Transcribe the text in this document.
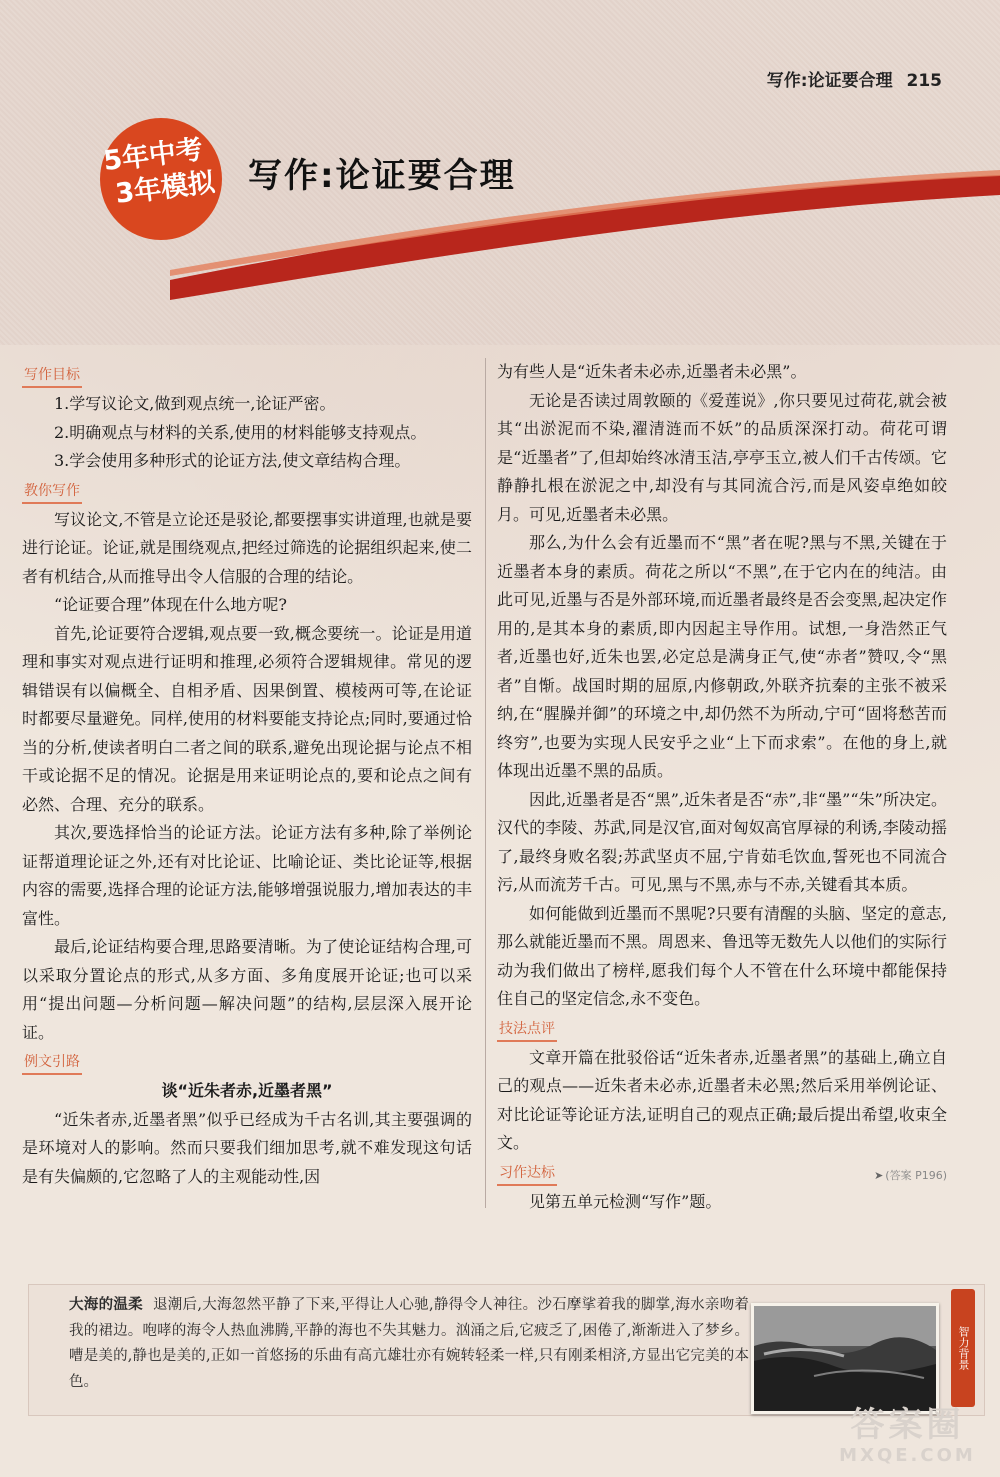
写作:论证要合理 215
5年中考
3年模拟 写作:论证要合理
写作目标
1.学写议论文,做到观点统一,论证严密。
2.明确观点与材料的关系,使用的材料能够支持观点。
3.学会使用多种形式的论证方法,使文章结构合理。
教你写作

写议论文,不管是立论还是驳论,都要摆事实讲道理,也就是要进行论证。论证,就是围绕观点,把经过筛选的论据组织起来,使二者有机结合,从而推导出令人信服的合理的结论。

“论证要合理”体现在什么地方呢?

首先,论证要符合逻辑,观点要一致,概念要统一。论证是用道理和事实对观点进行证明和推理,必须符合逻辑规律。常见的逻辑错误有以偏概全、自相矛盾、因果倒置、模棱两可等,在论证时都要尽量避免。同样,使用的材料要能支持论点;同时,要通过恰当的分析,使读者明白二者之间的联系,避免出现论据与论点不相干或论据不足的情况。论据是用来证明论点的,要和论点之间有必然、合理、充分的联系。

其次,要选择恰当的论证方法。论证方法有多种,除了举例论证帮道理论证之外,还有对比论证、比喻论证、类比论证等,根据内容的需要,选择合理的论证方法,能够增强说服力,增加表达的丰富性。

最后,论证结构要合理,思路要清晰。为了使论证结构合理,可以采取分置论点的形式,从多方面、多角度展开论证;也可以采用“提出问题—分析问题—解决问题”的结构,层层深入展开论证。

例文引路

谈“近朱者赤,近墨者黑”

“近朱者赤,近墨者黑”似乎已经成为千古名训,其主要强调的是环境对人的影响。然而只要我们细加思考,就不难发现这句话是有失偏颇的,它忽略了人的主观能动性,因

为有些人是“近朱者未必赤,近墨者未必黑”。

无论是否读过周敦颐的《爱莲说》,你只要见过荷花,就会被其“出淤泥而不染,濯清涟而不妖”的品质深深打动。荷花可谓是“近墨者”了,但却始终冰清玉洁,亭亭玉立,被人们千古传颂。它静静扎根在淤泥之中,却没有与其同流合污,而是风姿卓绝如皎月。可见,近墨者未必黑。

那么,为什么会有近墨而不“黑”者在呢?黑与不黑,关键在于近墨者本身的素质。荷花之所以“不黑”,在于它内在的纯洁。由此可见,近墨与否是外部环境,而近墨者最终是否会变黑,起决定作用的,是其本身的素质,即内因起主导作用。试想,一身浩然正气者,近墨也好,近朱也罢,必定总是满身正气,使“赤者”赞叹,令“黑者”自惭。战国时期的屈原,内修朝政,外联齐抗秦的主张不被采纳,在“腥臊并御”的环境之中,却仍然不为所动,宁可“固将愁苦而终穷”,也要为实现人民安乎之业“上下而求索”。在他的身上,就体现出近墨不黑的品质。

因此,近墨者是否“黑”,近朱者是否“赤”,非“墨”“朱”所决定。汉代的李陵、苏武,同是汉官,面对匈奴高官厚禄的利诱,李陵动摇了,最终身败名裂;苏武坚贞不屈,宁肯茹毛饮血,誓死也不同流合污,从而流芳千古。可见,黑与不黑,赤与不赤,关键看其本质。

如何能做到近墨而不黑呢?只要有清醒的头脑、坚定的意志,那么就能近墨而不黑。周恩来、鲁迅等无数先人以他们的实际行动为我们做出了榜样,愿我们每个人不管在什么环境中都能保持住自己的坚定信念,永不变色。

技法点评

文章开篇在批驳俗话“近朱者赤,近墨者黑”的基础上,确立自己的观点——近朱者未必赤,近墨者未必黑;然后采用举例论证、对比论证等论证方法,证明自己的观点正确;最后提出希望,收束全文。

习作达标	➤ (答案 P196)

见第五单元检测“写作”题。

大海的温柔 退潮后,大海忽然平静了下来,平得让人心驰,静得令人神往。沙石摩挲着我的脚掌,海水亲吻着我的裙边。咆哮的海令人热血沸腾,平静的海也不失其魅力。汹涌之后,它疲乏了,困倦了,渐渐进入了梦乡。嘈是美的,静也是美的,正如一首悠扬的乐曲有高亢雄壮亦有婉转轻柔一样,只有刚柔相济,方显出它完美的本色。
智力背景
答案圈
MXQE.COM
